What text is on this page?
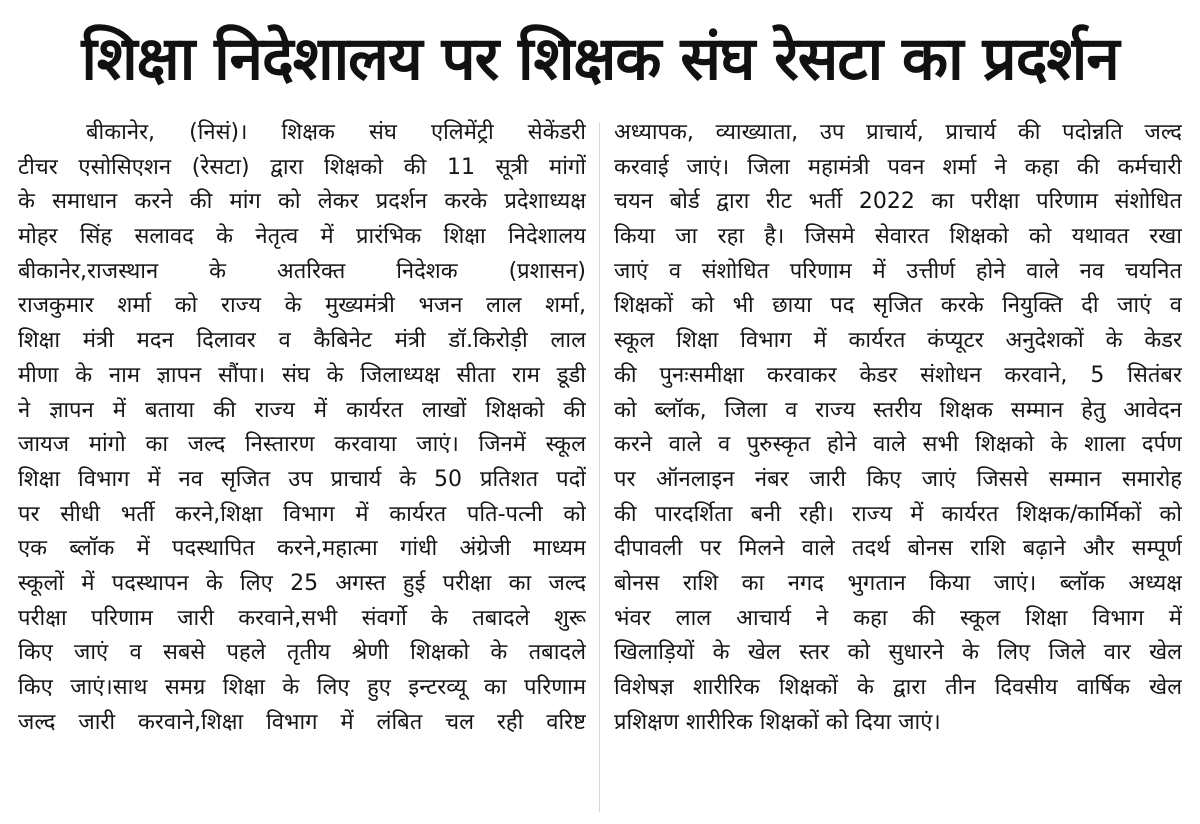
शिक्षा निदेशालय पर शिक्षक संघ रेसटा का प्रदर्शन
बीकानेर, (निसं)। शिक्षक संघ एलिमेंट्री सेकेंडरी
टीचर एसोसिएशन (रेसटा) द्वारा शिक्षको की 11 सूत्री मांगों
के समाधान करने की मांग को लेकर प्रदर्शन करके प्रदेशाध्यक्ष
मोहर सिंह सलावद के नेतृत्व में प्रारंभिक शिक्षा निदेशालय
बीकानेर,राजस्थान के अतरिक्त निदेशक (प्रशासन)
राजकुमार शर्मा को राज्य के मुख्यमंत्री भजन लाल शर्मा,
शिक्षा मंत्री मदन दिलावर व कैबिनेट मंत्री डॉ.किरोड़ी लाल
मीणा के नाम ज्ञापन सौंपा। संघ के जिलाध्यक्ष सीता राम डूडी
ने ज्ञापन में बताया की राज्य में कार्यरत लाखों शिक्षको की
जायज मांगो का जल्द निस्तारण करवाया जाएं। जिनमें स्कूल
शिक्षा विभाग में नव सृजित उप प्राचार्य के 50 प्रतिशत पदों
पर सीधी भर्ती करने,शिक्षा विभाग में कार्यरत पति-पत्नी को
एक ब्लॉक में पदस्थापित करने,महात्मा गांधी अंग्रेजी माध्यम
स्कूलों में पदस्थापन के लिए 25 अगस्त हुई परीक्षा का जल्द
परीक्षा परिणाम जारी करवाने,सभी संवर्गो के तबादले शुरू
किए जाएं व सबसे पहले तृतीय श्रेणी शिक्षको के तबादले
किए जाएं।साथ समग्र शिक्षा के लिए हुए इन्टरव्यू का परिणाम
जल्द जारी करवाने,शिक्षा विभाग में लंबित चल रही वरिष्ट
अध्यापक, व्याख्याता, उप प्राचार्य, प्राचार्य की पदोन्नति जल्द
करवाई जाएं। जिला महामंत्री पवन शर्मा ने कहा की कर्मचारी
चयन बोर्ड द्वारा रीट भर्ती 2022 का परीक्षा परिणाम संशोधित
किया जा रहा है। जिसमे सेवारत शिक्षको को यथावत रखा
जाएं व संशोधित परिणाम में उत्तीर्ण होने वाले नव चयनित
शिक्षकों को भी छाया पद सृजित करके नियुक्ति दी जाएं व
स्कूल शिक्षा विभाग में कार्यरत कंप्यूटर अनुदेशकों के केडर
की पुनःसमीक्षा करवाकर केडर संशोधन करवाने, 5 सितंबर
को ब्लॉक, जिला व राज्य स्तरीय शिक्षक सम्मान हेतु आवेदन
करने वाले व पुरुस्कृत होने वाले सभी शिक्षको के शाला दर्पण
पर ऑनलाइन नंबर जारी किए जाएं जिससे सम्मान समारोह
की पारदर्शिता बनी रही। राज्य में कार्यरत शिक्षक/कार्मिकों को
दीपावली पर मिलने वाले तदर्थ बोनस राशि बढ़ाने और सम्पूर्ण
बोनस राशि का नगद भुगतान किया जाएं। ब्लॉक अध्यक्ष
भंवर लाल आचार्य ने कहा की स्कूल शिक्षा विभाग में
खिलाड़ियों के खेल स्तर को सुधारने के लिए जिले वार खेल
विशेषज्ञ शारीरिक शिक्षकों के द्वारा तीन दिवसीय वार्षिक खेल
प्रशिक्षण शारीरिक शिक्षकों को दिया जाएं।
